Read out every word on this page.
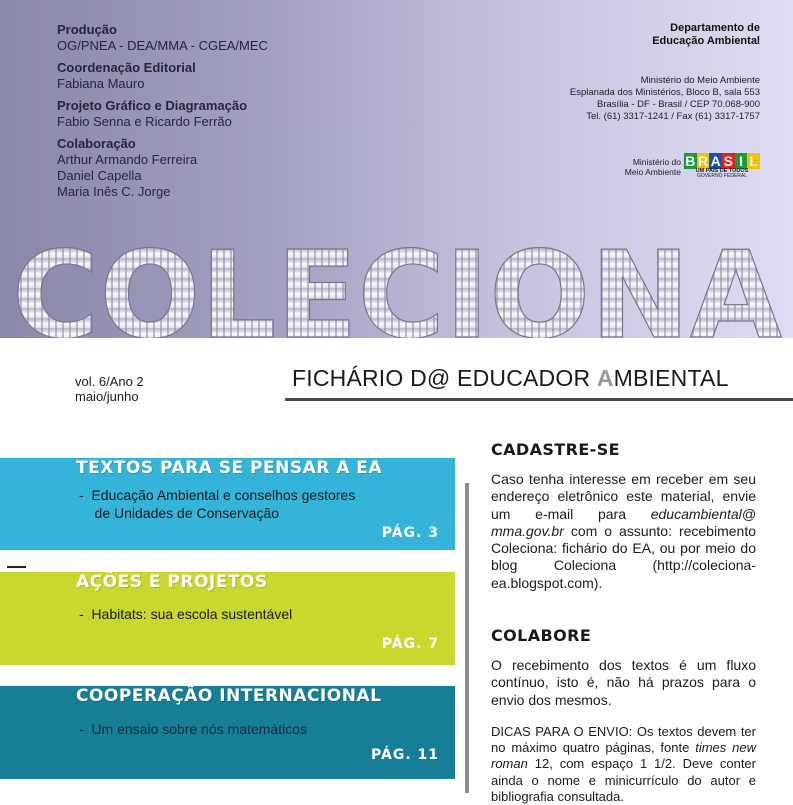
Produção
OG/PNEA - DEA/MMA - CGEA/MEC
Coordenação Editorial
Fabiana Mauro
Projeto Gráfico e Diagramação
Fabio Senna e Ricardo Ferrão
Colaboração
Arthur Armando Ferreira
Daniel Capella
Maria Inês C. Jorge
Departamento de
Educação Ambiental
Ministério do Meio Ambiente
Esplanada dos Ministérios, Bloco B, sala 553
Brasília - DF - Brasil / CEP 70.068-900
Tel. (61) 3317-1241 / Fax (61) 3317-1757
Ministério do
Meio Ambiente
B R A S I L
UM PAÍS DE TODOS
GOVERNO FEDERAL
COLECIONA
vol. 6/Ano 2
maio/junho
FICHÁRIO D@ EDUCADOR AMBIENTAL
TEXTOS PARA SE PENSAR A EA
-  Educação Ambiental e conselhos gestores
de Unidades de Conservação
PÁG. 3
AÇÕES E PROJETOS
-  Habitats: sua escola sustentável
PÁG. 7
COOPERAÇÃO INTERNACIONAL
-  Um ensaio sobre nós matemáticos
PÁG. 11
CADASTRE-SE
Caso tenha interesse em receber em seu endereço eletrônico este material, envie um e-mail para educambiental@ mma.gov.br com o assunto: recebimento Coleciona: fichário do EA, ou por meio do blog Coleciona (http://coleciona-ea.blogspot.com).
COLABORE
O recebimento dos textos é um fluxo contínuo, isto é, não há prazos para o envio dos mesmos.
DICAS PARA O ENVIO: Os textos devem ter no máximo quatro páginas, fonte times new roman 12, com espaço 1 1/2. Deve conter ainda o nome e minicurrículo do autor e bibliografia consultada.
